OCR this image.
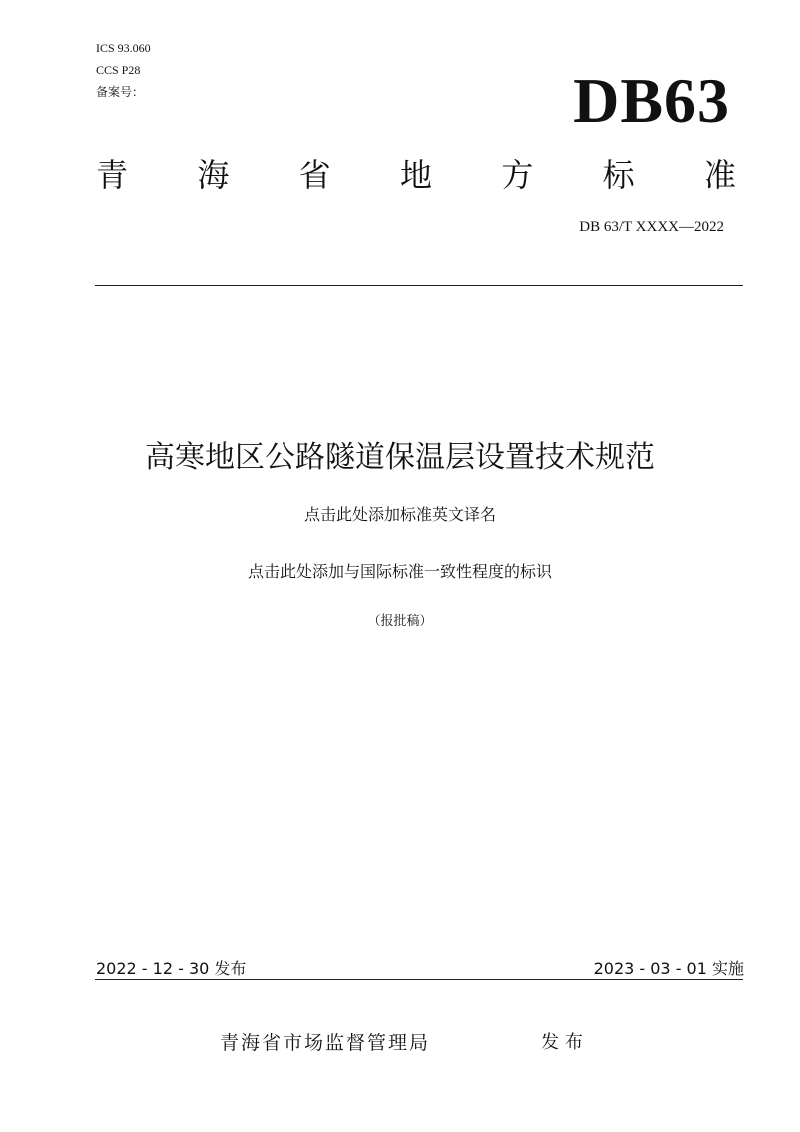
ICS 93.060
CCS P28
备案号：	DB63
青 海 省 地 方 标 准
DB 63/T XXXX—2022
高寒地区公路隧道保温层设置技术规范
点击此处添加标准英文译名
点击此处添加与国际标准一致性程度的标识
（报批稿）
2022 - 12 - 30 发布	2023 - 03 - 01 实施
青海省市场监督管理局	发布
